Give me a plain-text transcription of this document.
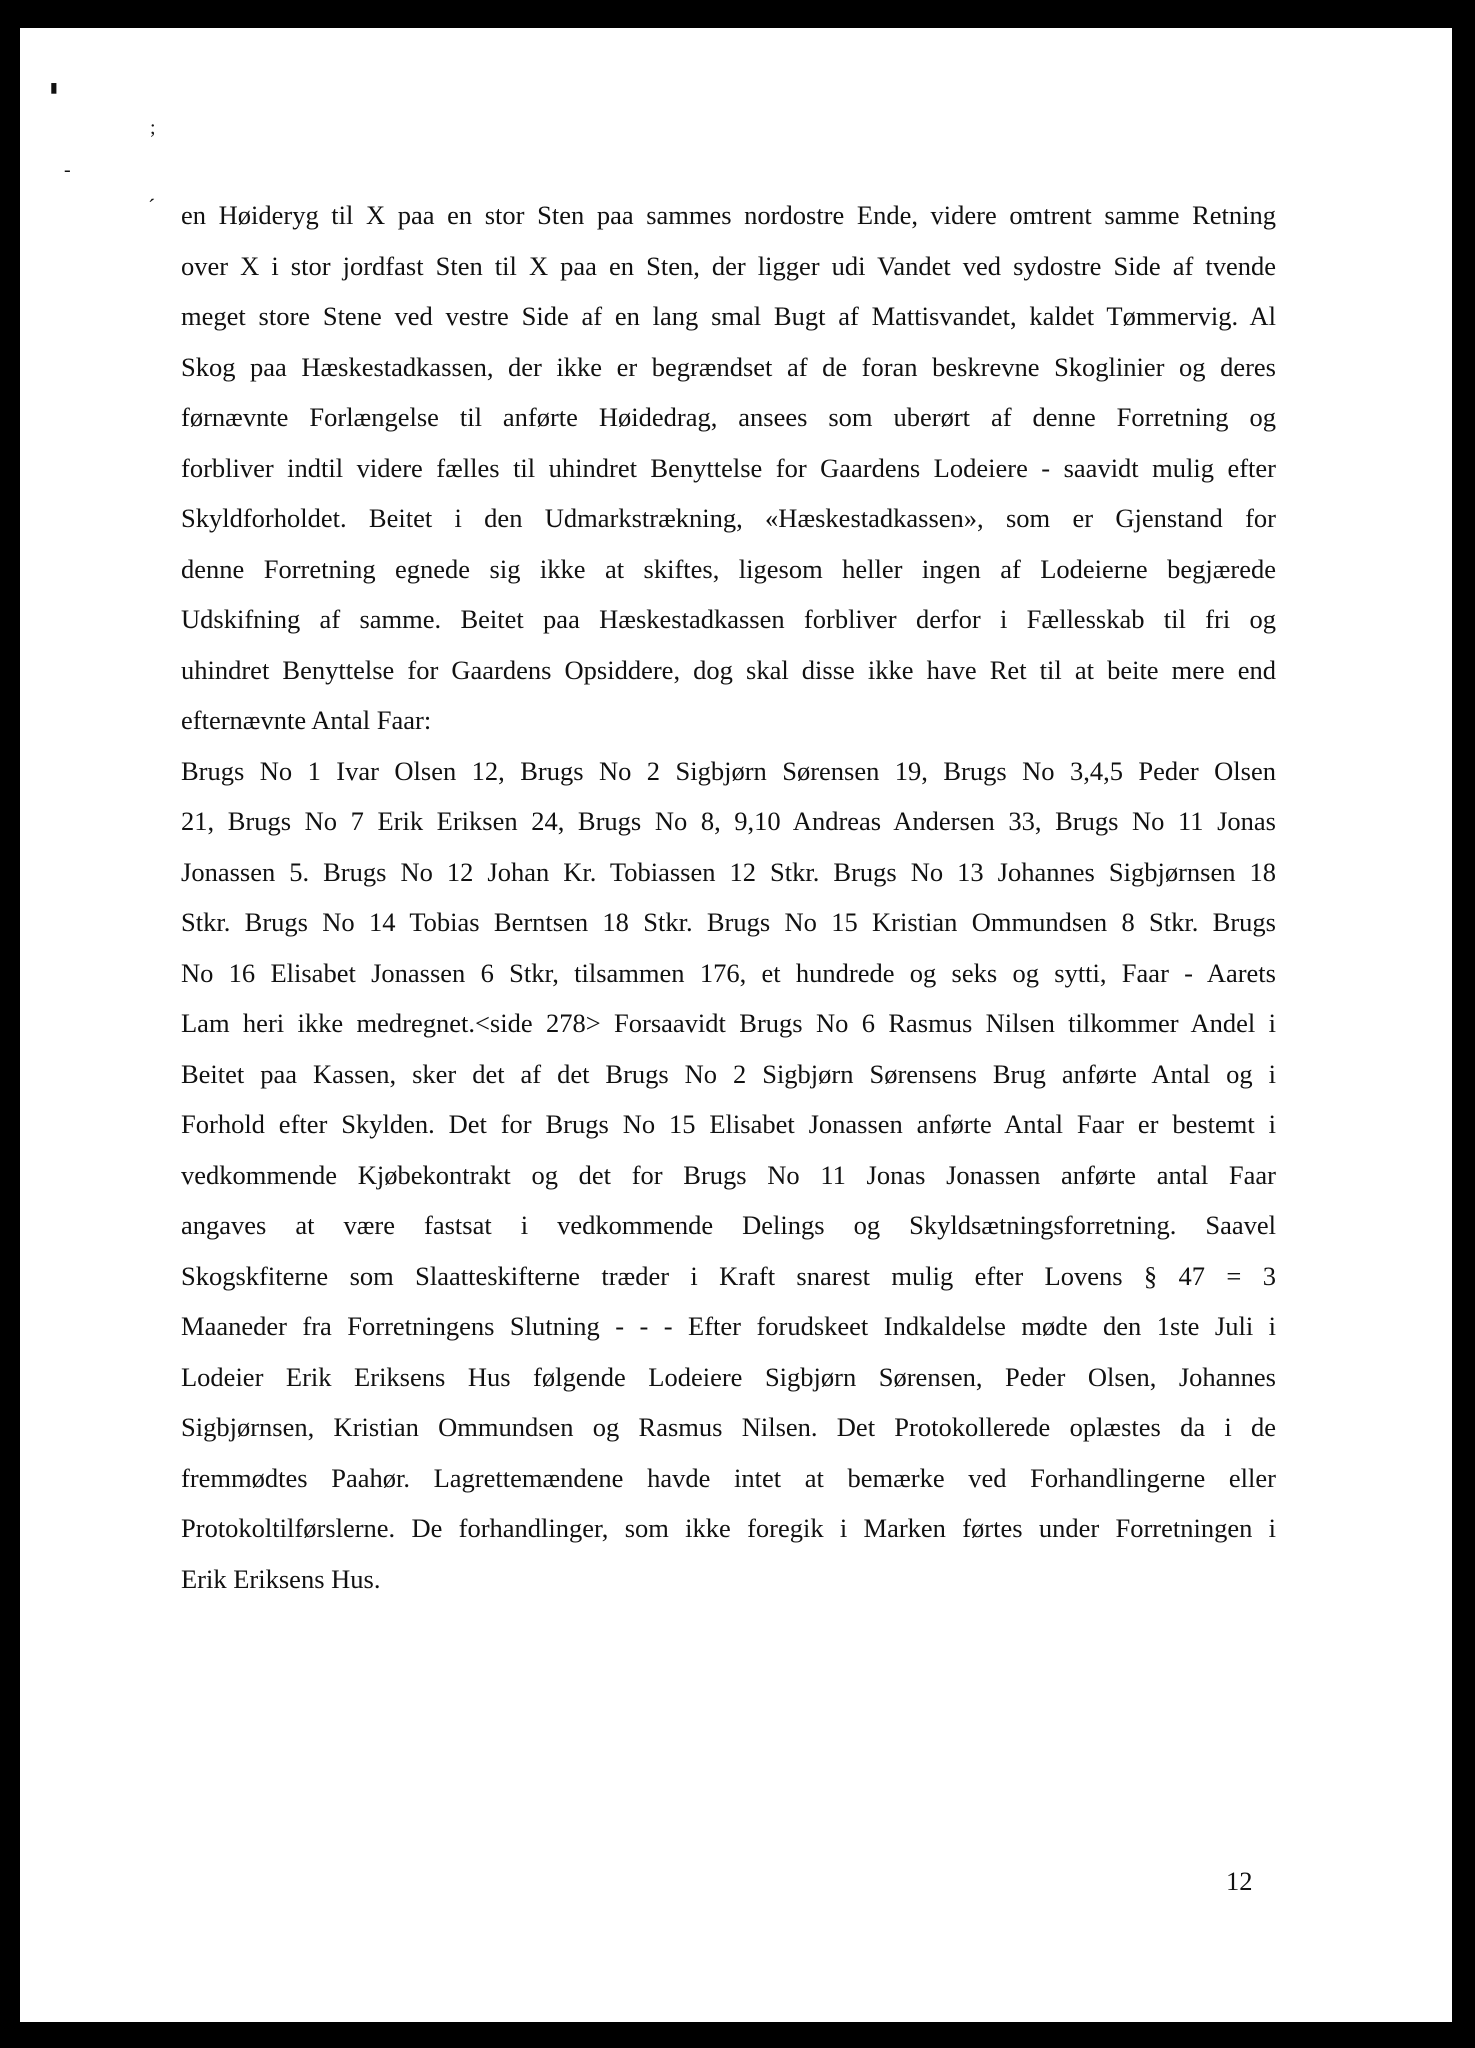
▮
;
-
ˊ en Høideryg til X paa en stor Sten paa sammes nordostre Ende, videre omtrent samme Retning
over X i stor jordfast Sten til X paa en Sten, der ligger udi Vandet ved sydostre Side af tvende
meget store Stene ved vestre Side af en lang smal Bugt af Mattisvandet, kaldet Tømmervig. Al
Skog paa Hæskestadkassen, der ikke er begrændset af de foran beskrevne Skoglinier og deres
førnævnte Forlængelse til anførte Høidedrag, ansees som uberørt af denne Forretning og
forbliver indtil videre fælles til uhindret Benyttelse for Gaardens Lodeiere - saavidt mulig efter
Skyldforholdet. Beitet i den Udmarkstrækning, «Hæskestadkassen», som er Gjenstand for
denne Forretning egnede sig ikke at skiftes, ligesom heller ingen af Lodeierne begjærede
Udskifning af samme. Beitet paa Hæskestadkassen forbliver derfor i Fællesskab til fri og
uhindret Benyttelse for Gaardens Opsiddere, dog skal disse ikke have Ret til at beite mere end
efternævnte Antal Faar:
Brugs No 1 Ivar Olsen 12, Brugs No 2 Sigbjørn Sørensen 19, Brugs No 3,4,5 Peder Olsen
21, Brugs No 7 Erik Eriksen 24, Brugs No 8, 9,10 Andreas Andersen 33, Brugs No 11 Jonas
Jonassen 5. Brugs No 12 Johan Kr. Tobiassen 12 Stkr. Brugs No 13 Johannes Sigbjørnsen 18
Stkr. Brugs No 14 Tobias Berntsen 18 Stkr. Brugs No 15 Kristian Ommundsen 8 Stkr. Brugs
No 16 Elisabet Jonassen 6 Stkr, tilsammen 176, et hundrede og seks og sytti, Faar - Aarets
Lam heri ikke medregnet.<side 278> Forsaavidt Brugs No 6 Rasmus Nilsen tilkommer Andel i
Beitet paa Kassen, sker det af det Brugs No 2 Sigbjørn Sørensens Brug anførte Antal og i
Forhold efter Skylden. Det for Brugs No 15 Elisabet Jonassen anførte Antal Faar er bestemt i
vedkommende Kjøbekontrakt og det for Brugs No 11 Jonas Jonassen anførte antal Faar
angaves at være fastsat i vedkommende Delings og Skyldsætningsforretning. Saavel
Skogskfiterne som Slaatteskifterne træder i Kraft snarest mulig efter Lovens § 47 = 3
Maaneder fra Forretningens Slutning - - - Efter forudskeet Indkaldelse mødte den 1ste Juli i
Lodeier Erik Eriksens Hus følgende Lodeiere Sigbjørn Sørensen, Peder Olsen, Johannes
Sigbjørnsen, Kristian Ommundsen og Rasmus Nilsen. Det Protokollerede oplæstes da i de
fremmødtes Paahør. Lagrettemændene havde intet at bemærke ved Forhandlingerne eller
Protokoltilførslerne. De forhandlinger, som ikke foregik i Marken førtes under Forretningen i
Erik Eriksens Hus.
12
